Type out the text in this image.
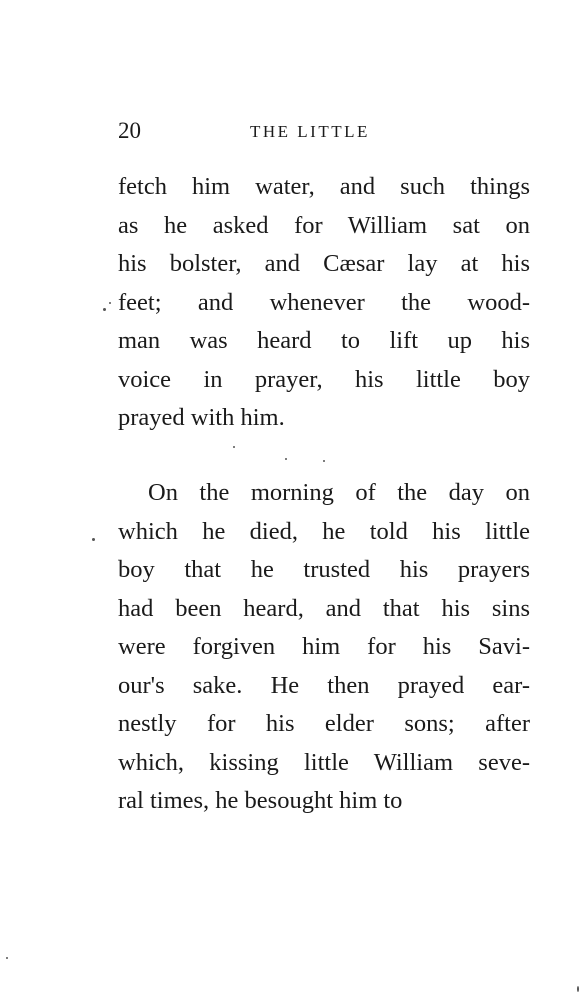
20	THE LITTLE
fetch him water, and such things
as he asked for William sat on
his bolster, and Cæsar lay at his
feet; and whenever the wood-
man was heard to lift up his
voice in prayer, his little boy
prayed with him.
On the morning of the day on
which he died, he told his little
boy that he trusted his prayers
had been heard, and that his sins
were forgiven him for his Savi-
our's sake. He then prayed ear-
nestly for his elder sons; after
which, kissing little William seve-
ral times, he besought him to
